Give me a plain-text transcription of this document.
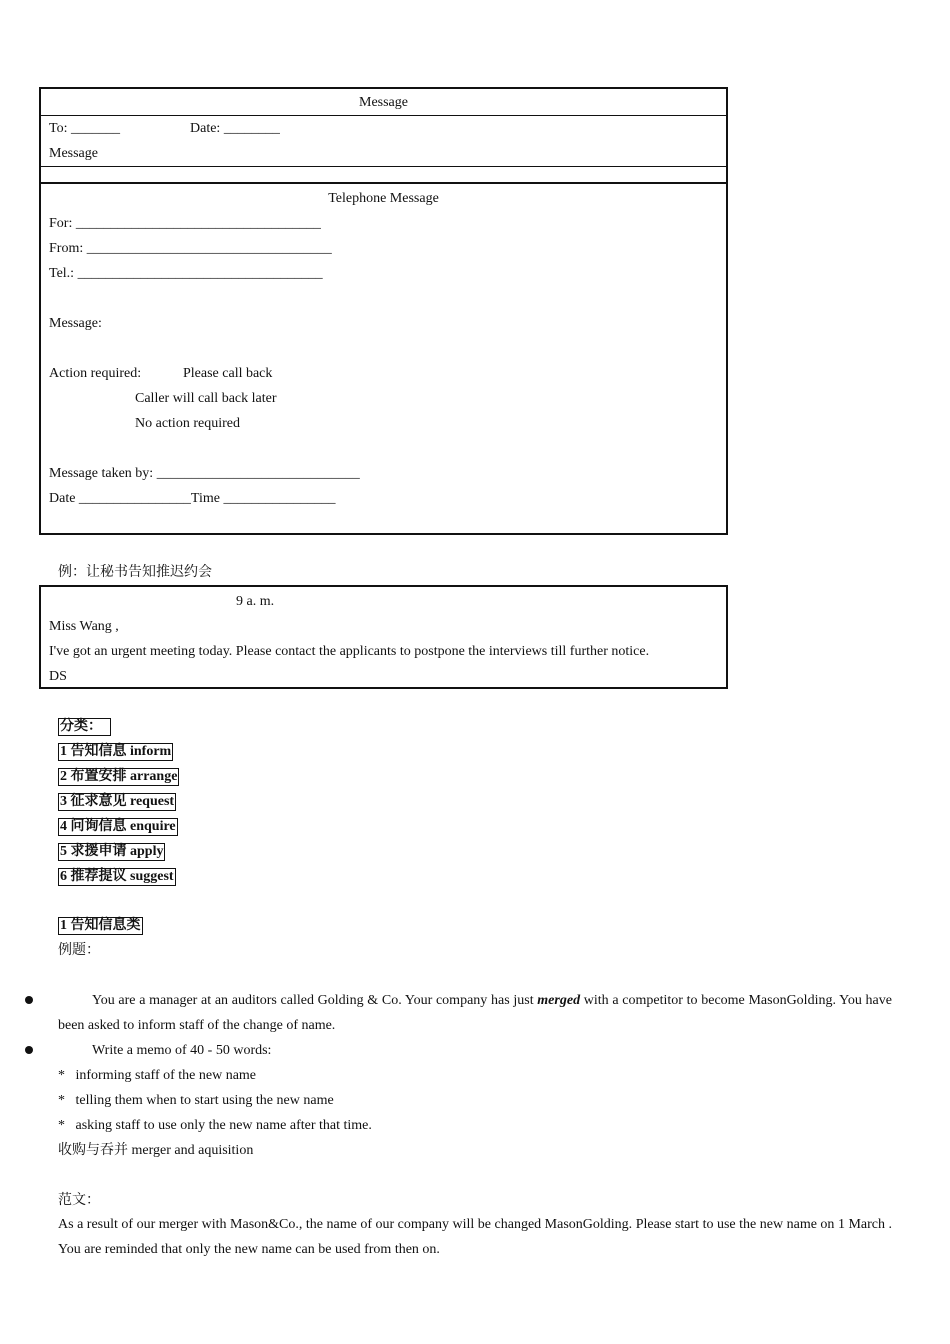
Message
To: _______	Date: ________
Message
Telephone Message
For: ___________________________________
From: ___________________________________
Tel.: ___________________________________
Message:
Action required:	Please call back
Caller will call back later
No action required
Message taken by: _____________________________
Date ________________Time ________________
例：让秘书告知推迟约会
9 a. m.
Miss Wang ,
I've got an urgent meeting today. Please contact the applicants to postpone the interviews till further notice.
DS
分类：
1 告知信息 inform
2 布置安排 arrange
3 征求意见 request
4 问询信息 enquire
5 求援申请 apply
6 推荐提议 suggest
1 告知信息类
例题：
You are a manager at an auditors called Golding & Co. Your company has just merged with a competitor to become MasonGolding. You have been asked to inform staff of the change of name.
Write a memo of 40 - 50 words:
*   informing staff of the new name
*   telling them when to start using the new name
*   asking staff to use only the new name after that time.
收购与吞并 merger and aquisition
范文：
As a result of our merger with Mason&Co., the name of our company will be changed MasonGolding. Please start to use the new name on 1 March . You are reminded that only the new name can be used from then on.
